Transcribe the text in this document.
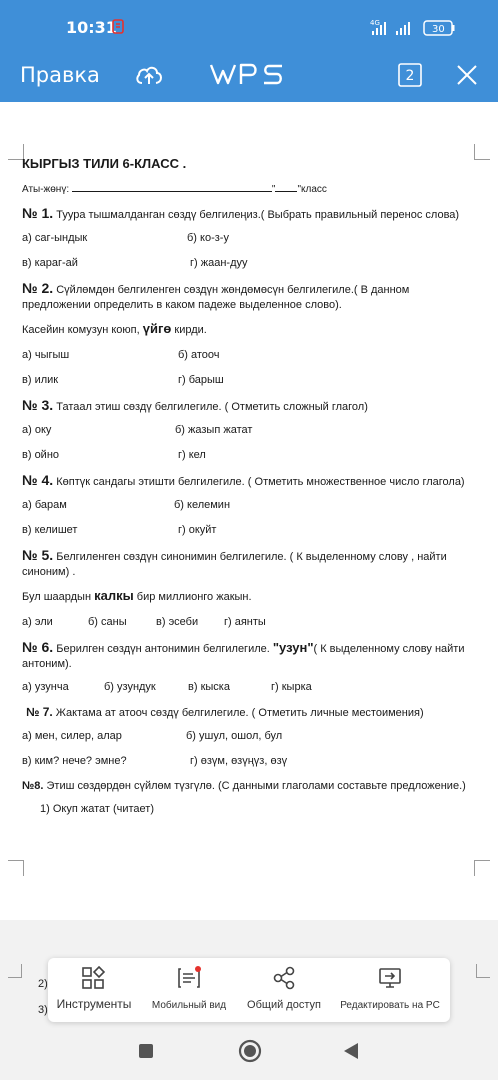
10:31	4G
30
Правка	2
КЫРГЫЗ ТИЛИ 6-КЛАСС .
Аты-жөнү:	" "класс
№ 1. Туура тышмалданган сөздү белгилеңиз.( Выбрать правильный перенос слова)
а) саг-ындык	б) ко-з-у
в) караг-ай	г) жаан-дуу
№ 2. Сүйлөмдөн белгиленген сөздүн жөндөмөсүн белгилегиле.( В данном предложении определить в каком падеже выделенное слово).
Касейин комузун коюп, үйгө кирди.
а) чыгыш	б) атооч
в) илик	г) барыш
№ 3. Татаал этиш сөздү белгилегиле. ( Отметить сложный глагол)
а) оку	б) жазып жатат
в) ойно	г) кел
№ 4. Көптүк сандагы этишти белгилегиле. ( Отметить множественное число глагола)
а) барам	б) келемин
в) келишет	г) окуйт
№ 5. Белгиленген сөздүн синонимин белгилегиле. ( К выделенному слову , найти синоним) .
Бул шаардын калкы бир миллионго жакын.
а) эли	б) саны	в) эсеби г) аянты
№ 6. Берилген сөздүн антонимин белгилегиле. "узун"( К выделенному слову найти антоним).
а) узунча	б) узундук	в) кыска	г) кырка
№ 7. Жактама ат атооч сөздү белгилегиле. ( Отметить личные местоимения)
а) мен, силер, алар	б) ушул, ошол, бул
в) ким? нече? эмне?	г) өзүм, өзүңүз, өзү
№8. Этиш сөздөрдөн сүйлөм түзгүлө. (С данными глаголами составьте предложение.)
1) Окуп жатат (читает)
2)
3) Инструменты	Мобильный вид	Общий доступ	Редактировать на PC
